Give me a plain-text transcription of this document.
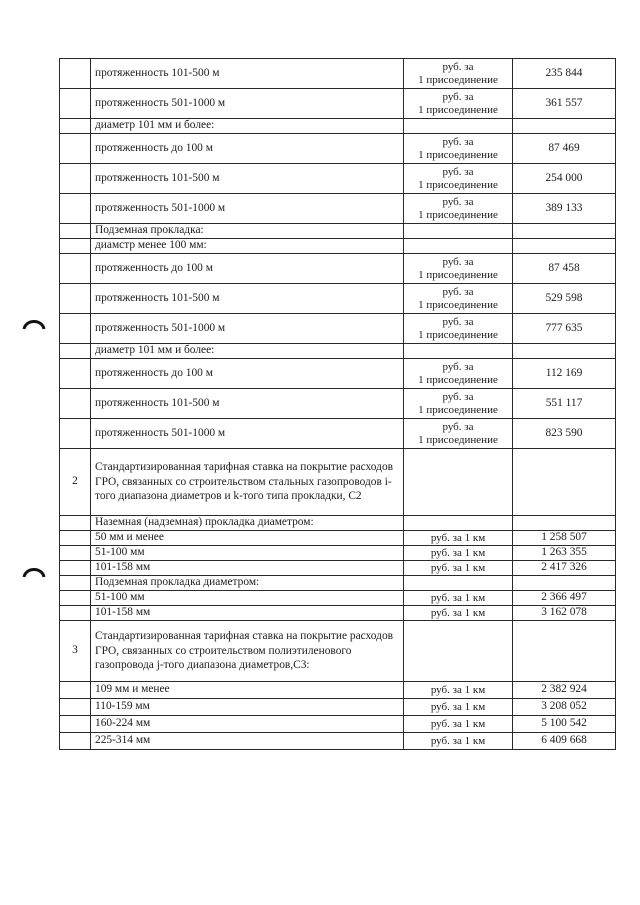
	протяженность 101-500 м	руб. за
1 присоединение	235 844
	протяженность 501-1000 м	руб. за
1 присоединение	361 557
	диаметр 101 мм и более:		
	протяженность до 100 м	руб. за
1 присоединение	87 469
	протяженность 101-500 м	руб. за
1 присоединение	254 000
	протяженность 501-1000 м	руб. за
1 присоединение	389 133
	Подземная прокладка:		
	диамстр менее 100 мм:		
	протяженность до 100 м	руб. за
1 присоединение	87 458
	протяженность 101-500 м	руб. за
1 присоединение	529 598
	протяженность 501-1000 м	руб. за
1 присоединение	777 635
	диаметр 101 мм и более:		
	протяженность до 100 м	руб. за
1 присоединение	112 169
	протяженность 101-500 м	руб. за
1 присоединение	551 117
	протяженность 501-1000 м	руб. за
1 присоединение	823 590
2	Стандартизированная тарифная ставка на покрытие расходов ГРО, связанных со строительством стальных газопроводов i-того диапазона диаметров и k-того типа прокладки, С2		
	Наземная (надземная) прокладка диаметром:		
	50 мм и менее	руб. за 1 км	1 258 507
	51-100 мм	руб. за 1 км	1 263 355
	101-158 мм	руб. за 1 км	2 417 326
	Подземная прокладка диаметром:		
	51-100 мм	руб. за 1 км	2 366 497
	101-158 мм	руб. за 1 км	3 162 078
3	Стандартизированная тарифная ставка на покрытие расходов ГРО, связанных со строительством полиэтиленового газопровода j-того диапазона диаметров,С3:		
	109 мм и менее	руб. за 1 км	2 382 924
	110-159 мм	руб. за 1 км	3 208 052
	160-224 мм	руб. за 1 км	5 100 542
	225-314 мм	руб. за 1 км	6 409 668
